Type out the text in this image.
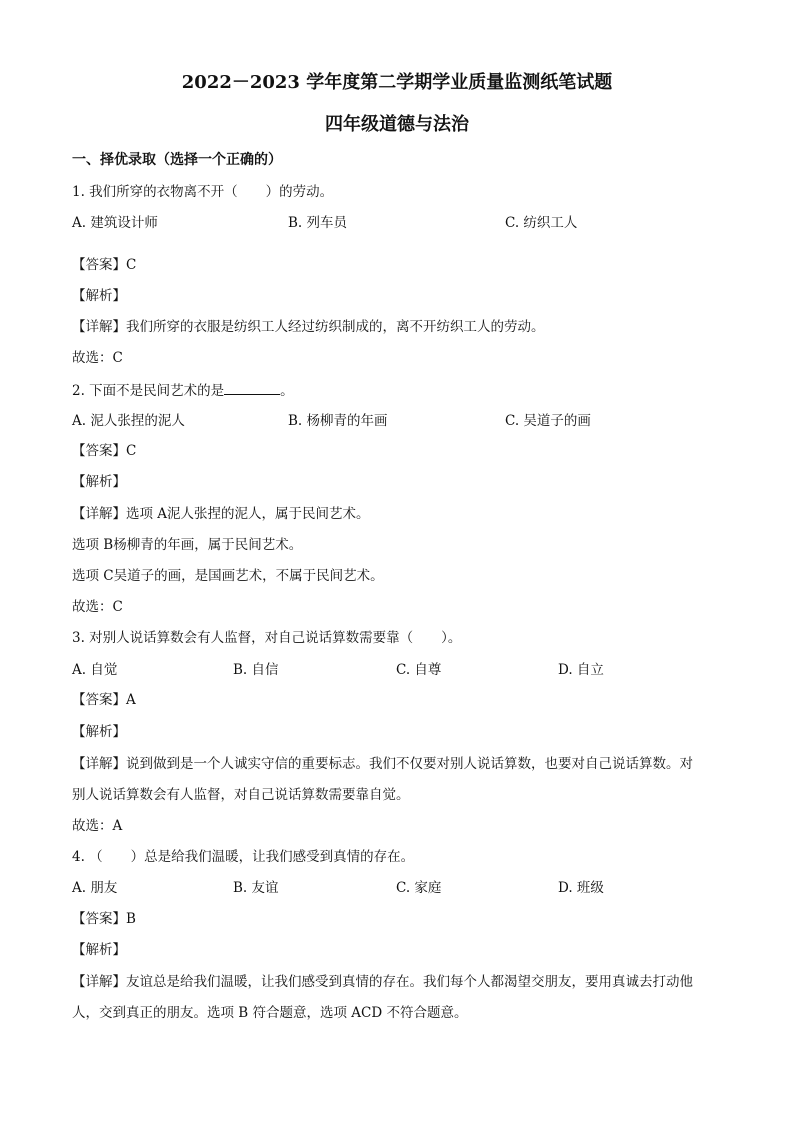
2022－2023 学年度第二学期学业质量监测纸笔试题
四年级道德与法治
一、择优录取（选择一个正确的）
1. 我们所穿的衣物离不开（ ）的劳动。
A. 建筑设计师	B. 列车员	C. 纺织工人
【答案】C
【解析】
【详解】我们所穿的衣服是纺织工人经过纺织制成的，离不开纺织工人的劳动。
故选：C
2. 下面不是民间艺术的是	。
A. 泥人张捏的泥人	B. 杨柳青的年画	C. 吴道子的画
【答案】C
【解析】
【详解】选项 A泥人张捏的泥人，属于民间艺术。
选项 B杨柳青的年画，属于民间艺术。
选项 C吴道子的画，是国画艺术，不属于民间艺术。
故选：C
3. 对别人说话算数会有人监督，对自己说话算数需要靠（ ）。
A. 自觉	B. 自信	C. 自尊	D. 自立
【答案】A
【解析】
【详解】说到做到是一个人诚实守信的重要标志。我们不仅要对别人说话算数，也要对自己说话算数。对
别人说话算数会有人监督，对自己说话算数需要靠自觉。
故选：A
4. （ ）总是给我们温暖，让我们感受到真情的存在。
A. 朋友	B. 友谊	C. 家庭	D. 班级
【答案】B
【解析】
【详解】友谊总是给我们温暖，让我们感受到真情的存在。我们每个人都渴望交朋友，要用真诚去打动他
人，交到真正的朋友。选项 B 符合题意，选项 ACD 不符合题意。
